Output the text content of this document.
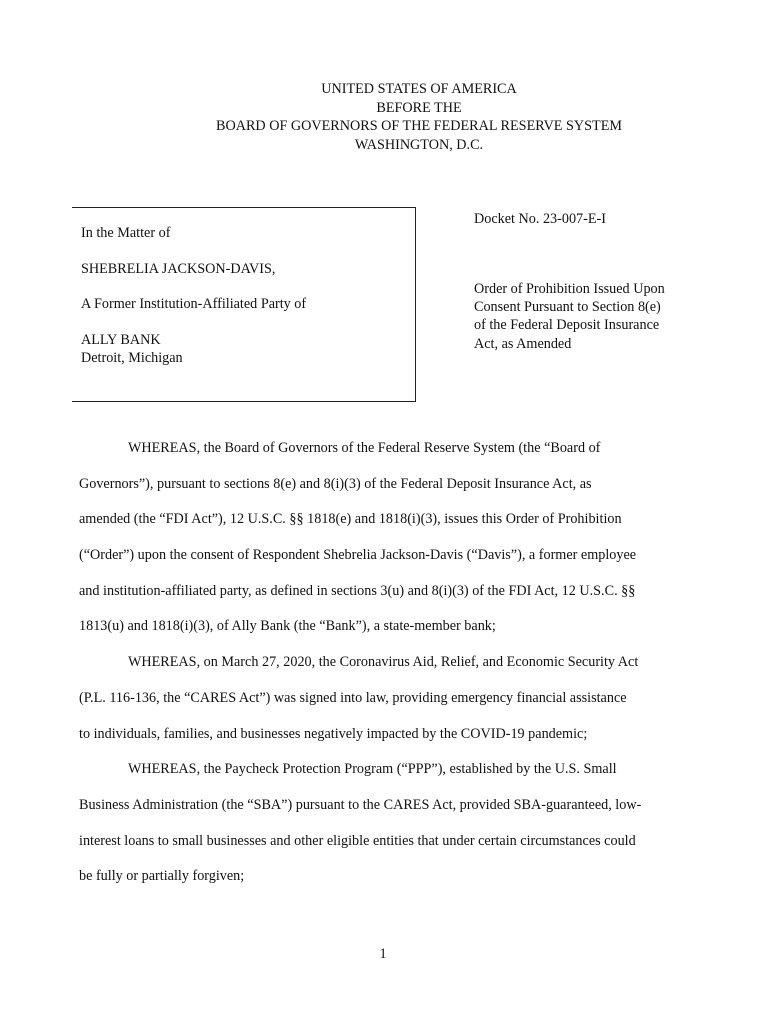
UNITED STATES OF AMERICA
BEFORE THE
BOARD OF GOVERNORS OF THE FEDERAL RESERVE SYSTEM
WASHINGTON, D.C.
In the Matter of
SHEBRELIA JACKSON-DAVIS,
A Former Institution-Affiliated Party of
ALLY BANK
Detroit, Michigan
Docket No. 23-007-E-I
Order of Prohibition Issued Upon
Consent Pursuant to Section 8(e)
of the Federal Deposit Insurance
Act, as Amended
WHEREAS, the Board of Governors of the Federal Reserve System (the “Board of
Governors”), pursuant to sections 8(e) and 8(i)(3) of the Federal Deposit Insurance Act, as
amended (the “FDI Act”), 12 U.S.C. §§ 1818(e) and 1818(i)(3), issues this Order of Prohibition
(“Order”) upon the consent of Respondent Shebrelia Jackson-Davis (“Davis”), a former employee
and institution-affiliated party, as defined in sections 3(u) and 8(i)(3) of the FDI Act, 12 U.S.C. §§
1813(u) and 1818(i)(3), of Ally Bank (the “Bank”), a state-member bank;
WHEREAS, on March 27, 2020, the Coronavirus Aid, Relief, and Economic Security Act
(P.L. 116-136, the “CARES Act”) was signed into law, providing emergency financial assistance
to individuals, families, and businesses negatively impacted by the COVID-19 pandemic;
WHEREAS, the Paycheck Protection Program (“PPP”), established by the U.S. Small
Business Administration (the “SBA”) pursuant to the CARES Act, provided SBA-guaranteed, low-
interest loans to small businesses and other eligible entities that under certain circumstances could
be fully or partially forgiven;
1
